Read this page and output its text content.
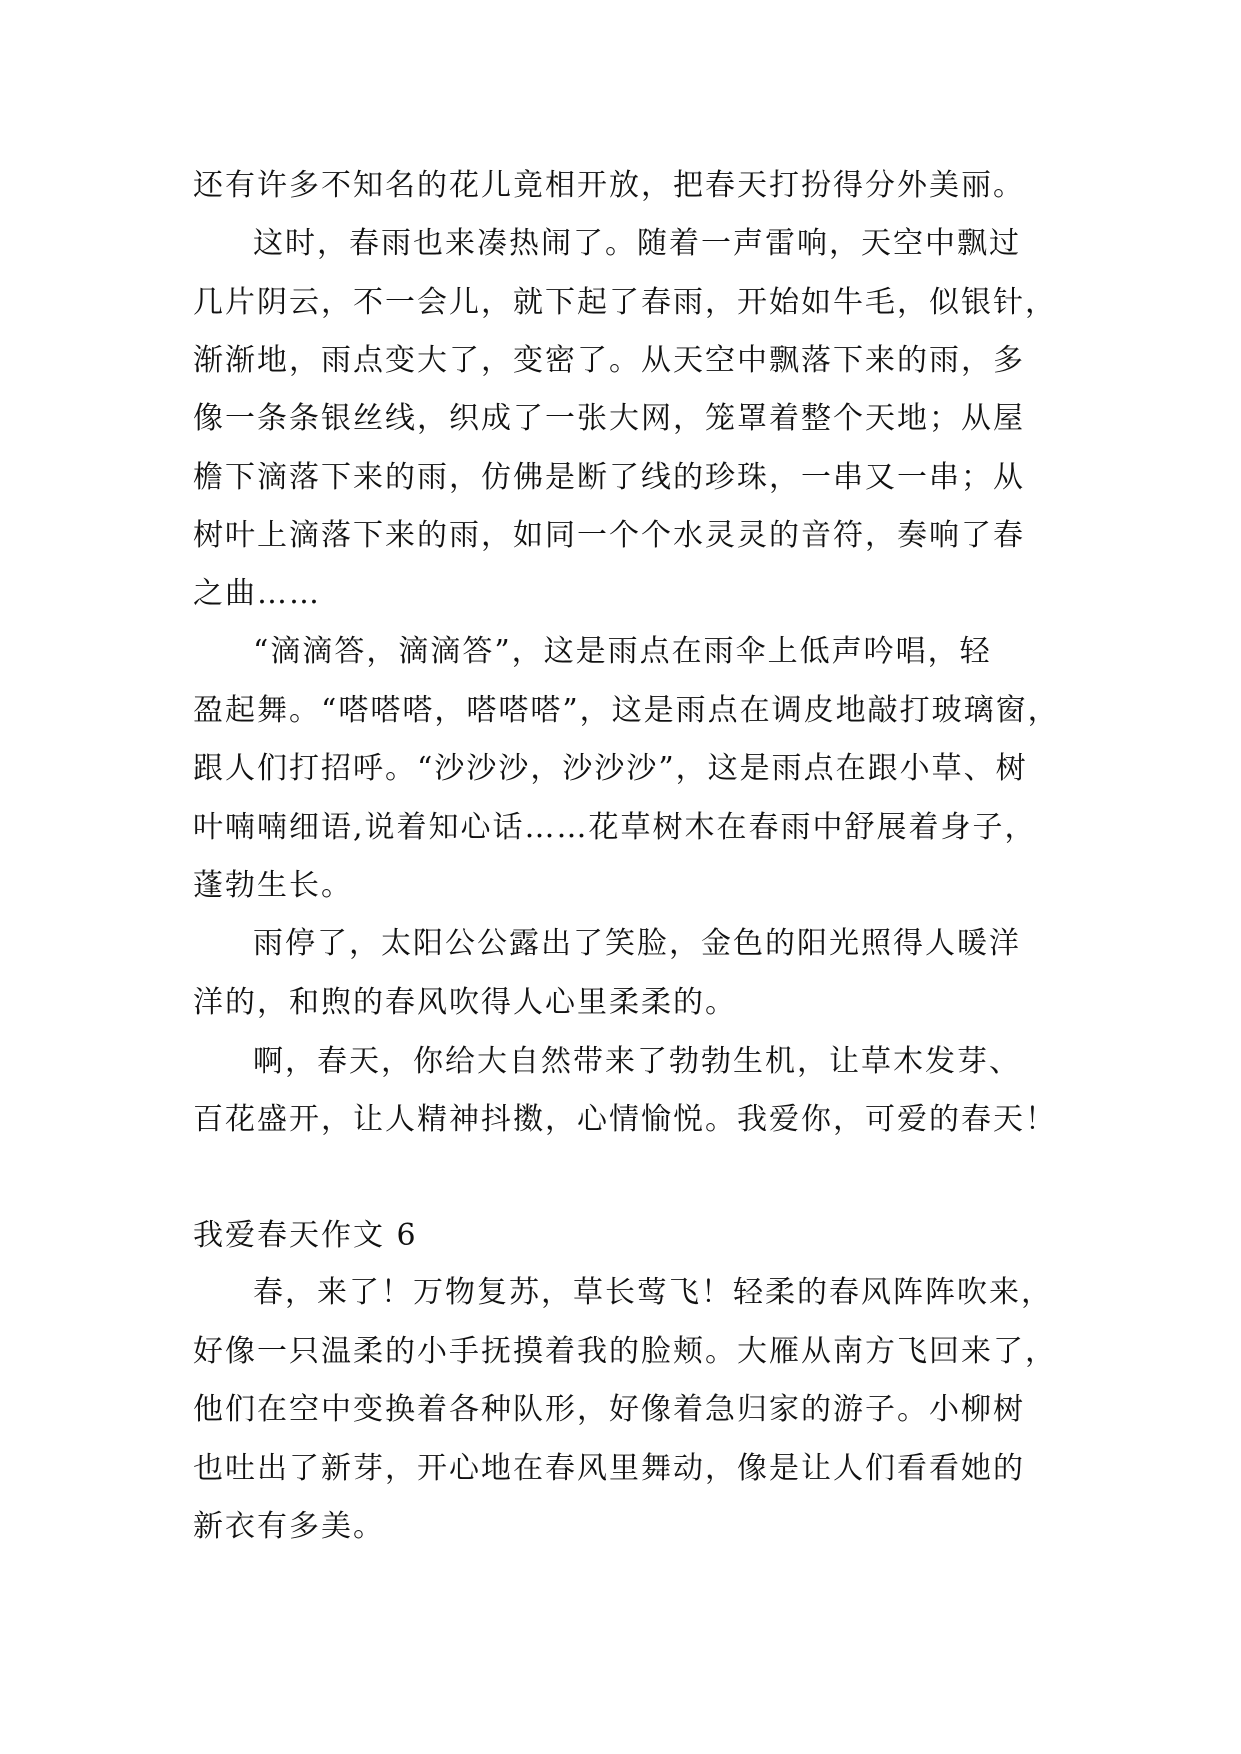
还有许多不知名的花儿竟相开放，把春天打扮得分外美丽。
这时，春雨也来凑热闹了。随着一声雷响，天空中飘过
几片阴云，不一会儿，就下起了春雨，开始如牛毛，似银针，
渐渐地，雨点变大了，变密了。从天空中飘落下来的雨，多
像一条条银丝线，织成了一张大网，笼罩着整个天地；从屋
檐下滴落下来的雨，仿佛是断了线的珍珠，一串又一串；从
树叶上滴落下来的雨，如同一个个水灵灵的音符，奏响了春
之曲……
“滴滴答，滴滴答”，这是雨点在雨伞上低声吟唱，轻
盈起舞。“嗒嗒嗒，嗒嗒嗒”，这是雨点在调皮地敲打玻璃窗，
跟人们打招呼。“沙沙沙，沙沙沙”，这是雨点在跟小草、树
叶喃喃细语,说着知心话……花草树木在春雨中舒展着身子，
蓬勃生长。
雨停了，太阳公公露出了笑脸，金色的阳光照得人暖洋
洋的，和煦的春风吹得人心里柔柔的。
啊，春天，你给大自然带来了勃勃生机，让草木发芽、
百花盛开，让人精神抖擞，心情愉悦。我爱你，可爱的春天！
我爱春天作文 6
春，来了！万物复苏，草长莺飞！轻柔的春风阵阵吹来，
好像一只温柔的小手抚摸着我的脸颊。大雁从南方飞回来了，
他们在空中变换着各种队形，好像着急归家的游子。小柳树
也吐出了新芽，开心地在春风里舞动，像是让人们看看她的
新衣有多美。
